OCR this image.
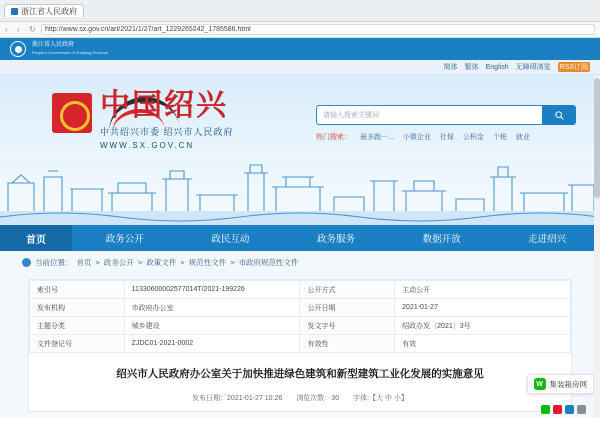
浙江省人民政府
‹	›	↻ http://www.sx.gov.cn/art/2021/1/27/art_1229265242_1785586.html
浙江省人民政府
People's Government of Zhejiang Province
简体 繁体 English 无障碍浏览 RSS订阅
中国绍兴
中共绍兴市委 绍兴市人民政府
WWW.SX.GOV.CN
请输入搜索关键词
热门搜索： 最多跑一... 小微企业 社保 公积金 个税 就业
首页	政务公开	政民互动	政务服务	数据开放	走进绍兴
当前位置： 首页 > 政务公开 > 政策文件 > 规范性文件 > 市政府规范性文件
索引号	11330600002577014T/2021-199226	公开方式	主动公开
发布机构	市政府办公室	公开日期	2021-01-27
主题分类	城乡建设	发文字号	绍政办发〔2021〕3号
文件登记号	ZJDC01-2021-0002	有效性	有效
绍兴市人民政府办公室关于加快推进绿色建筑和新型建筑工业化发展的实施意见
发布日期：2021-01-27 10:26 浏览次数：30 字体:【大 中 小】
W 集装箱房网
